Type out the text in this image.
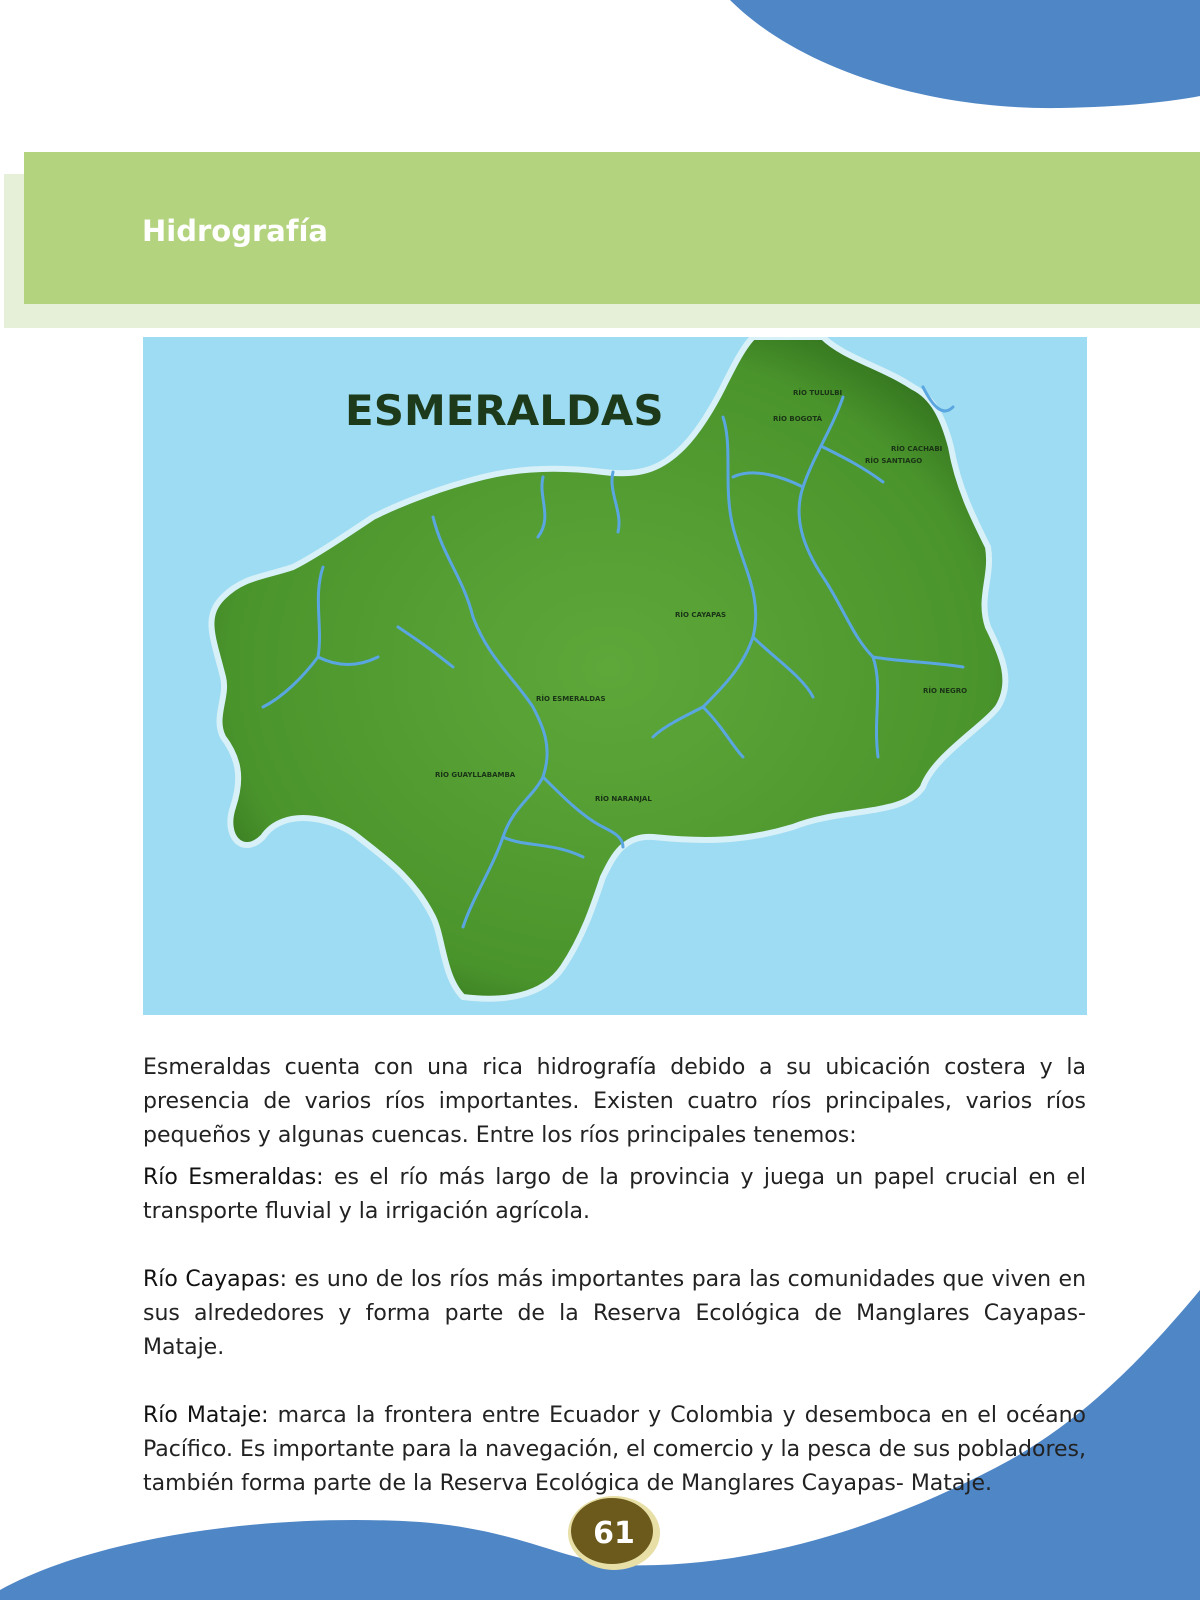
Hidrografía
ESMERALDAS	RÍO TULULBI
RÍO BOGOTÁ
RÍO CACHABI
RÍO SANTIAGO
RÍO CAYAPAS
RÍO NEGRO
RÍO ESMERALDAS
RÍO GUAYLLABAMBA
RÍO NARANJAL

Esmeraldas cuenta con una rica hidrografía debido a su ubicación costera y la presencia de varios ríos importantes. Existen cuatro ríos principales, varios ríos pequeños y algunas cuencas. Entre los ríos principales tenemos:

Río Esmeraldas: es el río más largo de la provincia y juega un papel crucial en el transporte fluvial y la irrigación agrícola.

Río Cayapas: es uno de los ríos más importantes para las comunidades que viven en sus alrededores y forma parte de la Reserva Ecológica de Manglares Cayapas- Mataje.

Río Mataje: marca la frontera entre Ecuador y Colombia y desemboca en el océano Pacífico. Es importante para la navegación, el comercio y la pesca de sus pobladores, también forma parte de la Reserva Ecológica de Manglares Cayapas- Mataje.

61
